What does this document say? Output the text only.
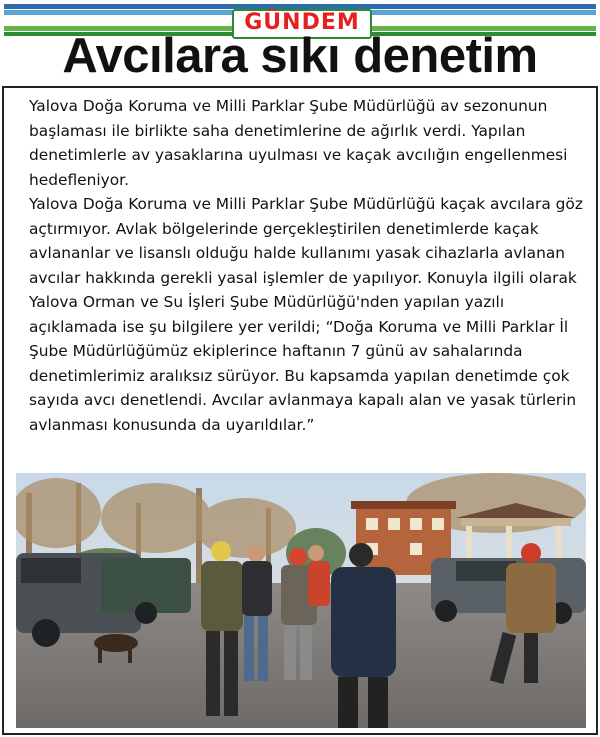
GÜNDEM
Avcılara sıkı denetim

Yalova Doğa Koruma ve Milli Parklar Şube Müdürlüğü av sezonunun başlaması ile birlikte saha denetimlerine de ağırlık verdi. Yapılan denetimlerle av yasaklarına uyulması ve kaçak avcılığın engellenmesi hedefleniyor.

Yalova Doğa Koruma ve Milli Parklar Şube Müdürlüğü kaçak avcılara göz açtırmıyor. Avlak bölgelerinde gerçekleştirilen denetimlerde kaçak avlananlar ve lisanslı olduğu halde kullanımı yasak cihazlarla avlanan avcılar hakkında gerekli yasal işlemler de yapılıyor. Konuyla ilgili olarak Yalova Orman ve Su İşleri Şube Müdürlüğü'nden yapılan yazılı açıklamada ise şu bilgilere yer verildi; “Doğa Koruma ve Milli Parklar İl Şube Müdürlüğümüz ekiplerince haftanın 7 günü av sahalarında denetimlerimiz aralıksız sürüyor. Bu kapsamda yapılan denetimde çok sayıda avcı denetlendi. Avcılar avlanmaya kapalı alan ve yasak türlerin avlanması konusunda da uyarıldılar.”
